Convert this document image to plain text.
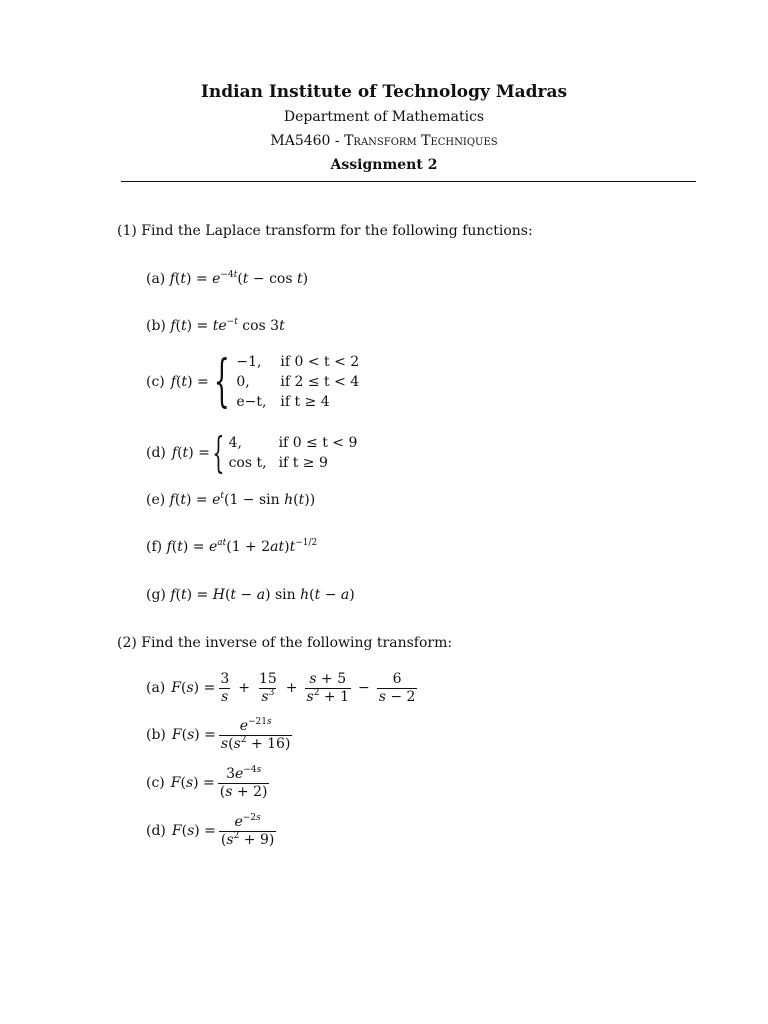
Indian Institute of Technology Madras
Department of Mathematics
MA5460 - Transform Techniques
Assignment 2
(1) Find the Laplace transform for the following functions:
(a) $f(t) = e^{-4t}(t - \cos t)$
(b) $f(t) = te^{-t}$ cos 3t
(c) f(t) = { −1,	if 0 < t < 2
0,	if 2 ≤ t < 4
e−t, if t ≥ 4
(d) f(t) = { 4,	if 0 ≤ t < 9
cos t, if t ≥ 9
(e) $f(t) = e^t(1 - \sin h(t))$
(f) $f(t) = e^{at}(1 + 2at)t^{-1/2}$
(g) f(t) = H(t − a) sin h(t − a)
(2) Find the inverse of the following transform:
(a) $F(s) = \frac{3}{s} + \frac{15}{s^3} + \frac{s + 5}{s^2 + 1} - \frac{6}{s - 2}$
(b) $F(s) = \frac{e^{-21s}}{s(s^2 + 16)}$
(c) $F(s) = \frac{3e^{-4s}}{(s + 2)}$
(d) $F(s) = \frac{e^{-2s}}{(s^2 + 9)}$
